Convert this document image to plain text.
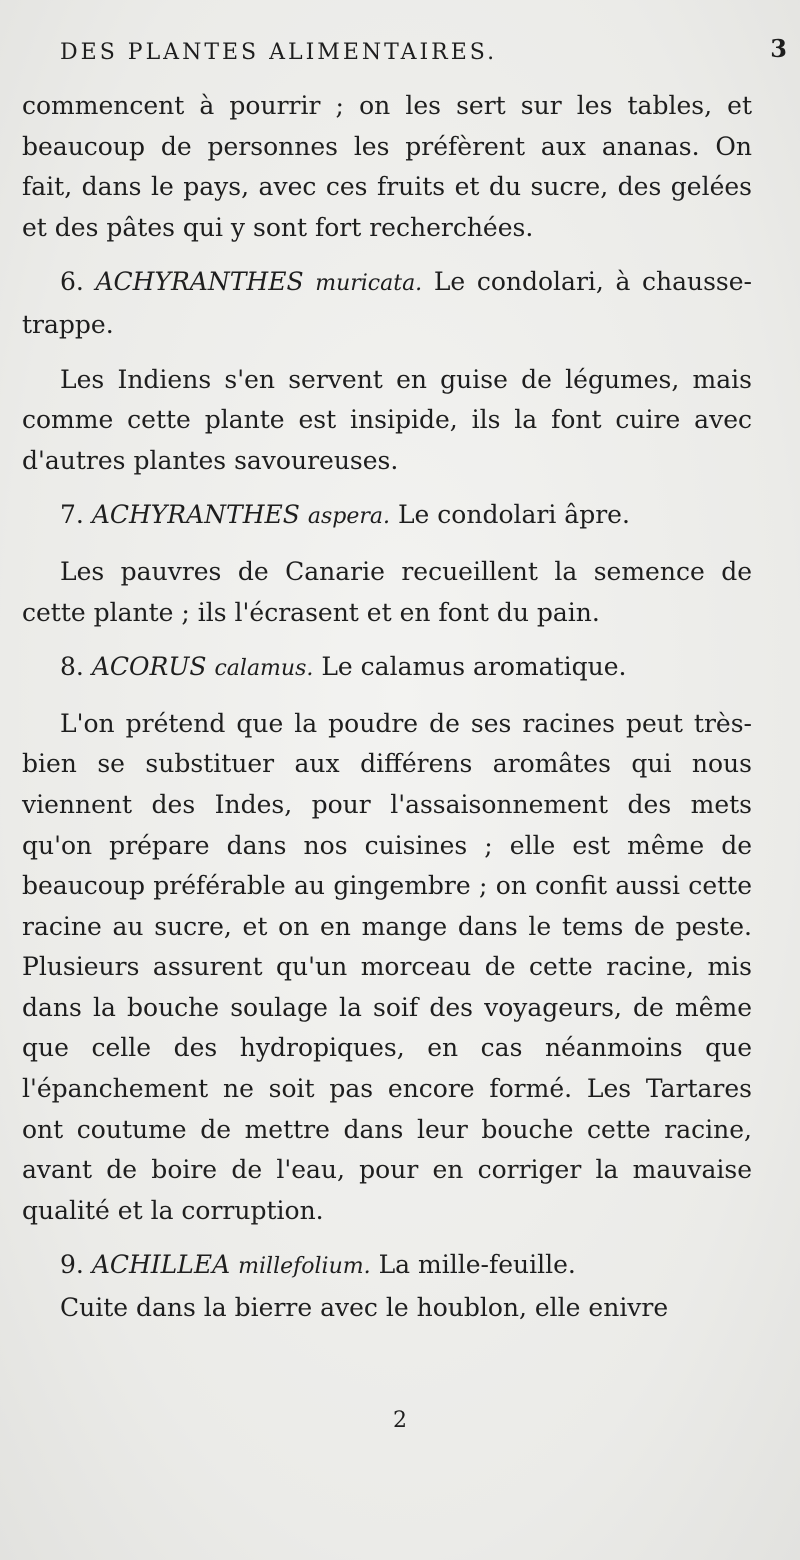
DES PLANTES ALIMENTAIRES.	3

commencent à pourrir ; on les sert sur les tables, et beaucoup de personnes les préfèrent aux ananas. On fait, dans le pays, avec ces fruits et du sucre, des gelées et des pâtes qui y sont fort recherchées.

6. ACHYRANTHES muricata. Le condolari, à chausse-trappe.

Les Indiens s'en servent en guise de légumes, mais comme cette plante est insipide, ils la font cuire avec d'autres plantes savoureuses.

7. ACHYRANTHES aspera. Le condolari âpre.

Les pauvres de Canarie recueillent la semence de cette plante ; ils l'écrasent et en font du pain.

8. ACORUS calamus. Le calamus aromatique.

L'on prétend que la poudre de ses racines peut très-bien se substituer aux différens aromâtes qui nous viennent des Indes, pour l'assaisonnement des mets qu'on prépare dans nos cuisines ; elle est même de beaucoup préférable au gingembre ; on confit aussi cette racine au sucre, et on en mange dans le tems de peste. Plusieurs assurent qu'un morceau de cette racine, mis dans la bouche soulage la soif des voyageurs, de même que celle des hydropiques, en cas néanmoins que l'épanchement ne soit pas encore formé. Les Tartares ont coutume de mettre dans leur bouche cette racine, avant de boire de l'eau, pour en corriger la mauvaise qualité et la corruption.

9. ACHILLEA millefolium. La mille-feuille.

Cuite dans la bierre avec le houblon, elle enivre

2
